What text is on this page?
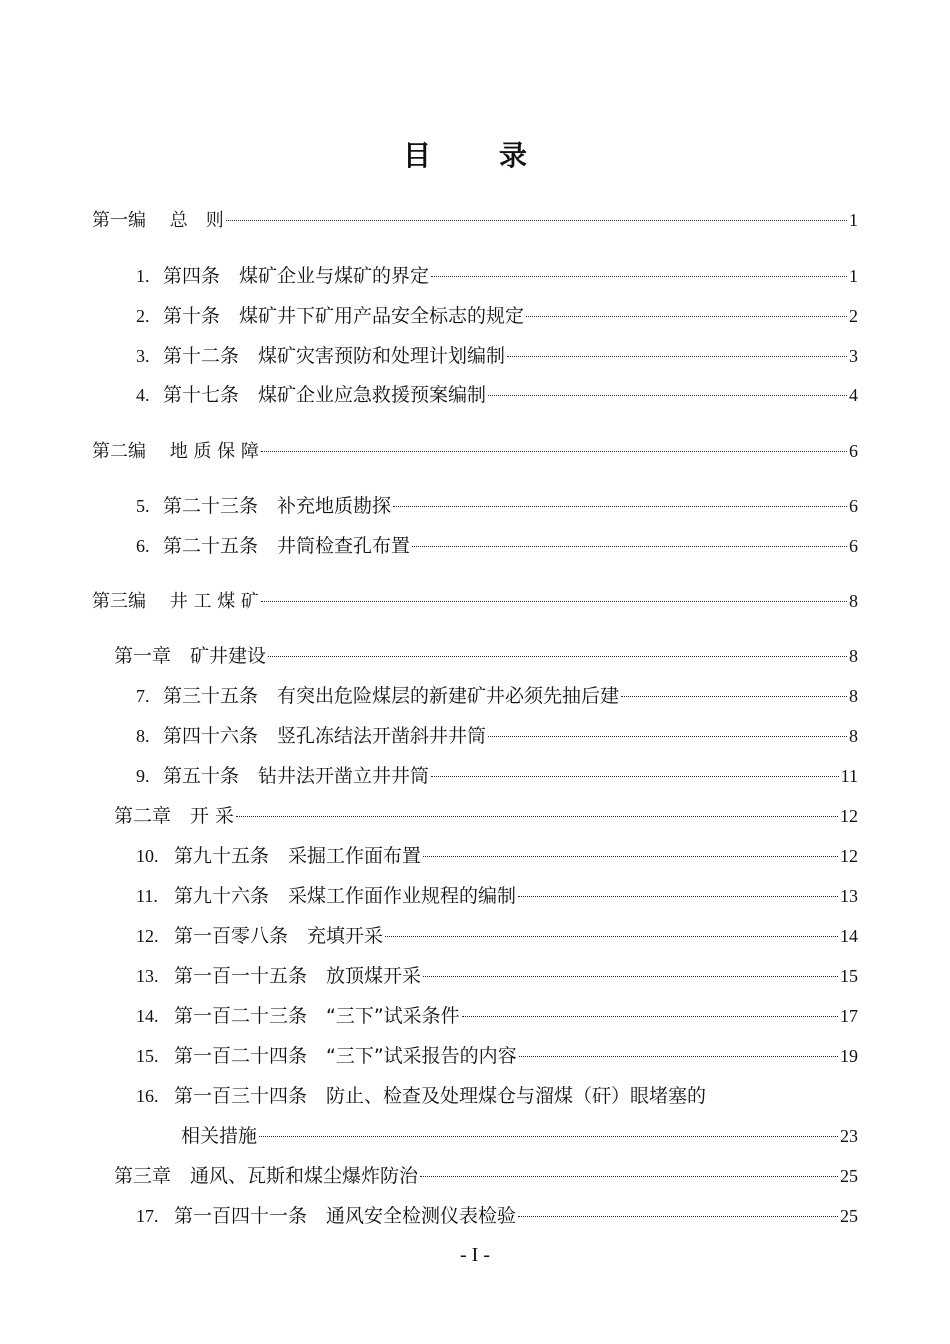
目　录
第一编　 总　则	1
1. 第四条　煤矿企业与煤矿的界定	1
2. 第十条　煤矿井下矿用产品安全标志的规定	2
3. 第十二条　煤矿灾害预防和处理计划编制	3
4. 第十七条　煤矿企业应急救援预案编制	4
第二编　 地 质 保 障	6
5. 第二十三条　补充地质勘探	6
6. 第二十五条　井筒检查孔布置	6
第三编　 井 工 煤 矿	8
第一章　矿井建设	8
7. 第三十五条　有突出危险煤层的新建矿井必须先抽后建	8
8. 第四十六条　竖孔冻结法开凿斜井井筒	8
9. 第五十条　钻井法开凿立井井筒	11
第二章　开 采	12
10. 第九十五条　采掘工作面布置	12
11. 第九十六条　采煤工作面作业规程的编制	13
12. 第一百零八条　充填开采	14
13. 第一百一十五条　放顶煤开采	15
14. 第一百二十三条　“三下”试采条件	17
15. 第一百二十四条　“三下”试采报告的内容	19
16. 第一百三十四条　防止、检查及处理煤仓与溜煤（矸）眼堵塞的
相关措施	23
第三章　通风、瓦斯和煤尘爆炸防治	25
17. 第一百四十一条　通风安全检测仪表检验	25
- I -
